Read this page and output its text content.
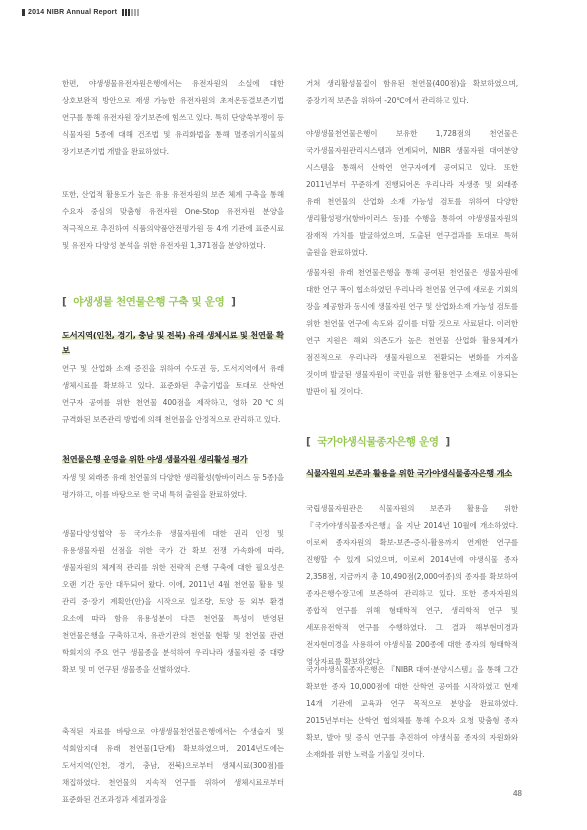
2014 NIBR Annual Report

한편, 야생생물유전자원은행에서는 유전자원의 소실에 대한 상호보완적 방안으로 재생 가능한 유전자원의 초저온동결보존기법 연구를 통해 유전자원 장기보존에 힘쓰고 있다. 특히 단양쑥부쟁이 등 식물자원 5종에 대해 건조법 및 유리화법을 통해 멸종위기식물의 장기보존기법 개발을 완료하였다.

또한, 산업적 활용도가 높은 유용 유전자원의 보존 체계 구축을 통해 수요자 중심의 맞춤형 유전자원 One-Stop 유전자원 분양을 적극적으로 추진하여 식품의약품안전평가원 등 4개 기관에 표준시료 및 유전자 다양성 분석을 위한 유전자원 1,371점을 분양하였다.

[ 야생생물 천연물은행 구축 및 운영 ]
도서지역(인천, 경기, 충남 및 전북) 유래 생체시료 및 천연물 확보

연구 및 산업화 소재 증진을 위하여 수도권 등, 도서지역에서 유래 생체시료를 확보하고 있다. 표준화된 추출기법을 토대로 산학연 연구자 공여를 위한 천연물 400점을 제작하고, 영하 20℃의 규격화된 보존관리 방법에 의해 천연물을 안정적으로 관리하고 있다.

천연물은행 운영을 위한 야생 생물자원 생리활성 평가

자생 및 외래종 유래 천연물의 다양한 생리활성(항바이러스 등 5종)을 평가하고, 이를 바탕으로 한 국내 특허 출원을 완료하였다.

생물다양성협약 등 국가소유 생물자원에 대한 권리 인정 및 유용생물자원 선점을 위한 국가 간 확보 전쟁 가속화에 따라, 생물자원의 체계적 관리를 위한 전략적 은행 구축에 대한 필요성은 오랜 기간 동안 대두되어 왔다. 이에, 2011년 4월 천연물 활용 및 관리 중·장기 계획안(안)을 시작으로 일조량, 토양 등 외부 환경 요소에 따라 함유 유용성분이 다른 천연물 특성이 반영된 천연물은행을 구축하고자, 유관기관의 천연물 현황 및 천연물 관련 학회지의 주요 연구 생물종을 분석하여 우리나라 생물자원 중 대량 확보 및 미 연구된 생물종을 선별하였다.

축적된 자료를 바탕으로 야생생물천연물은행에서는 수생습지 및 석회암지대 유래 천연물(1단계) 확보하였으며, 2014년도에는 도서지역(인천, 경기, 충남, 전북)으로부터 생체시료(300점)를 채집하였다. 천연물의 지속적 연구를 위하여 생체시료로부터 표준화된 건조과정과 세절과정을

거쳐 생리활성물질이 함유된 천연물(400점)을 확보하였으며, 중장기적 보존을 위하여 -20℃에서 관리하고 있다.

야생생물천연물은행이 보유한 1,728점의 천연물은 국가생물자원관리시스템과 연계되어, NIBR 생물자원 대여분양 시스템을 통해서 산학연 연구자에게 공여되고 있다. 또한 2011년부터 꾸준하게 진행되어온 우리나라 자생종 및 외래종 유래 천연물의 산업화 소재 가능성 검토를 위하여 다양한 생리활성평가(항바이러스 등)를 수행을 통하여 야생생물자원의 잠재적 가치를 발굴하였으며, 도출된 연구결과를 토대로 특허 출원을 완료하였다.

생물자원 유래 천연물은행을 통해 공여된 천연물은 생물자원에 대한 연구 폭이 협소하였던 우리나라 천연물 연구에 새로운 기회의 장을 제공함과 동시에 생물자원 연구 및 산업화소재 가능성 검토를 위한 천연물 연구에 속도와 깊이를 더할 것으로 사료된다. 이러한 연구 지원은 해외 의존도가 높은 천연물 산업화 활용체계가 점진적으로 우리나라 생물자원으로 전환되는 변화를 가져올 것이며 발굴된 생물자원이 국민을 위한 활용연구 소재로 이용되는 발판이 될 것이다.

[ 국가야생식물종자은행 운영 ]
식물자원의 보존과 활용을 위한 국가야생식물종자은행 개소

국립생물자원관은 식물자원의 보존과 활용을 위한 『국가야생식물종자은행』을 지난 2014년 10월에 개소하였다. 이로써 종자자원의 확보-보존-증식-활용까지 연계한 연구를 진행할 수 있게 되었으며, 이로써 2014년에 야생식물 종자 2,358점, 지금까지 총 10,490점(2,000여종)의 종자를 확보하여 종자은행수장고에 보존하여 관리하고 있다. 또한 종자자원의 종합적 연구를 위해 형태학적 연구, 생리학적 연구 및 세포유전학적 연구를 수행하였다. 그 결과 해부현미경과 전자현미경을 사용하여 야생식물 200종에 대한 종자의 형태학적 영상자료를 확보하였다.

국가야생식물종자은행은 『NIBR 대여·분양시스템』을 통해 그간 확보한 종자 10,000점에 대한 산학연 공여를 시작하였고 현재 14개 기관에 교육과 연구 목적으로 분양을 완료하였다. 2015년부터는 산학연 협의체를 통해 수요자 요청 맞춤형 종자 확보, 발아 및 증식 연구를 추진하여 야생식물 종자의 자원화와 소재화를 위한 노력을 기울일 것이다.

48
